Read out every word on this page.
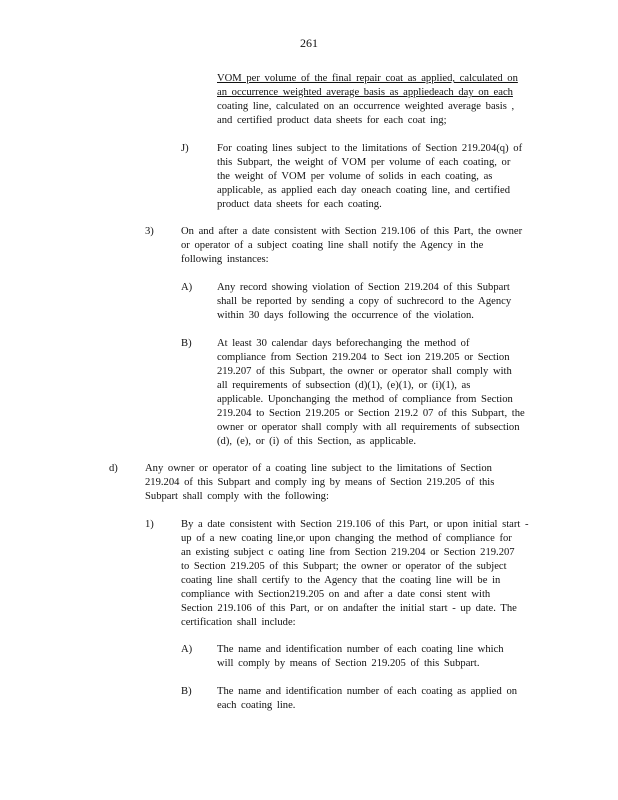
261
VOM per volume of the final repair coat as applied, calculated on
an occurrence weighted average basis as appliedeach day on each
coating line, calculated on an occurrence weighted average basis ,
and certified product data sheets for each coat ing;
J)	For coating lines subject to the limitations of Section 219.204(q) of
this Subpart, the weight of VOM per volume of each coating, or
the weight of VOM per volume of solids in each coating, as
applicable, as applied each day oneach coating line, and certified
product data sheets for each coating.
3)	On and after a date consistent with Section 219.106 of this Part, the owner
or operator of a subject coating line shall notify the Agency in the
following instances:
A) Any record showing violation of Section 219.204 of this Subpart
shall be reported by sending a copy of suchrecord to the Agency
within 30 days following the occurrence of the violation.
B) At least 30 calendar days beforechanging the method of
compliance from Section 219.204 to Sect ion 219.205 or Section
219.207 of this Subpart, the owner or operator shall comply with
all requirements of subsection (d)(1), (e)(1), or (i)(1), as
applicable. Uponchanging the method of compliance from Section
219.204 to Section 219.205 or Section 219.2 07 of this Subpart, the
owner or operator shall comply with all requirements of subsection
(d), (e), or (i) of this Section, as applicable.
d)	Any owner or operator of a coating line subject to the limitations of Section
219.204 of this Subpart and comply ing by means of Section 219.205 of this
Subpart shall comply with the following:
1)	By a date consistent with Section 219.106 of this Part, or upon initial start -
up of a new coating line,or upon changing the method of compliance for
an existing subject c oating line from Section 219.204 or Section 219.207
to Section 219.205 of this Subpart; the owner or operator of the subject
coating line shall certify to the Agency that the coating line will be in
compliance with Section219.205 on and after a date consi stent with
Section 219.106 of this Part, or on andafter the initial start - up date. The
certification shall include:
A) The name and identification number of each coating line which
will comply by means of Section 219.205 of this Subpart.
B) The name and identification number of each coating as applied on
each coating line.
